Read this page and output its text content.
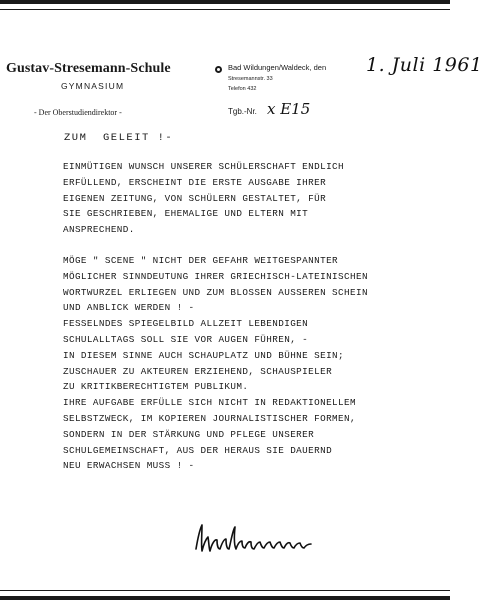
Gustav-Stresemann-Schule
GYMNASIUM
- Der Oberstudiendirektor -
Bad Wildungen/Waldeck, den 1. Juli 1961
Stresemannstr. 33
Telefon 432
Tgb.-Nr. x E15
ZUM  GELEIT !-
EINMÜTIGEN WUNSCH UNSERER SCHÜLERSCHAFT ENDLICH
ERFÜLLEND, ERSCHEINT DIE ERSTE AUSGABE IHRER
EIGENEN ZEITUNG, VON SCHÜLERN GESTALTET, FÜR
SIE GESCHRIEBEN, EHEMALIGE UND ELTERN MIT
ANSPRECHEND.
MÖGE " SCENE " NICHT DER GEFAHR WEITGESPANNTER
MÖGLICHER SINNDEUTUNG IHRER GRIECHISCH-LATEINISCHEN
WORTWURZEL ERLIEGEN UND ZUM BLOSSEN AUSSEREN SCHEIN
UND ANBLICK WERDEN ! -
FESSELNDES SPIEGELBILD ALLZEIT LEBENDIGEN
SCHULALLTAGS SOLL SIE VOR AUGEN FÜHREN, -
IN DIESEM SINNE AUCH SCHAUPLATZ UND BÜHNE SEIN;
ZUSCHAUER ZU AKTEUREN ERZIEHEND, SCHAUSPIELER
ZU KRITIKBERECHTIGTEM PUBLIKUM.
IHRE AUFGABE ERFÜLLE SICH NICHT IN REDAKTIONELLEM
SELBSTZWECK, IM KOPIEREN JOURNALISTISCHER FORMEN,
SONDERN IN DER STÄRKUNG UND PFLEGE UNSERER
SCHULGEMEINSCHAFT, AUS DER HERAUS SIE DAUERND
NEU ERWACHSEN MUSS ! -
